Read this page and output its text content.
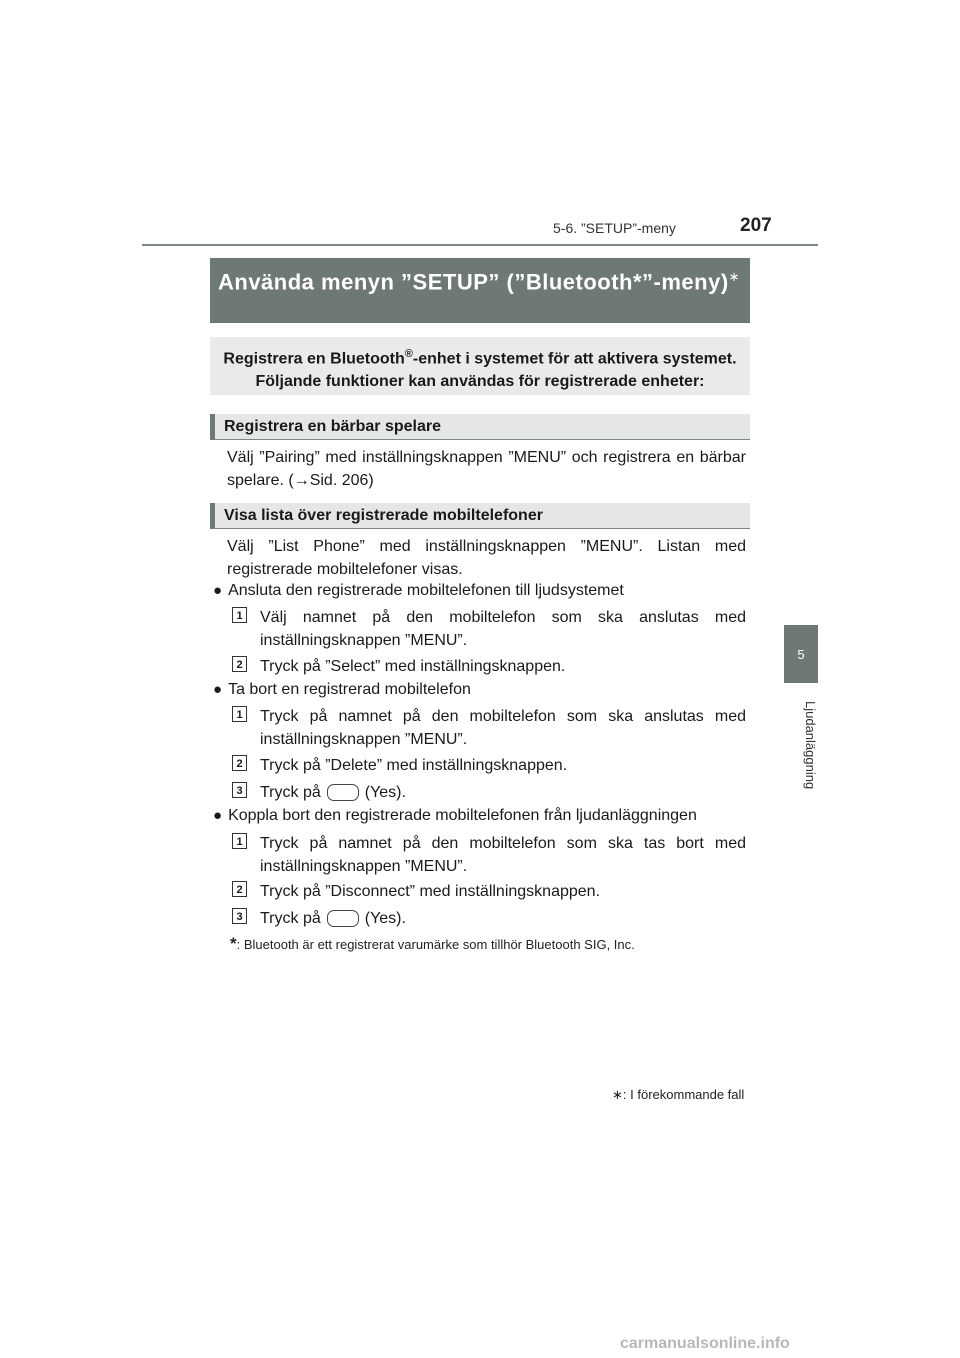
5-6. ”SETUP”-meny	207
5
Ljudanläggning
Använda menyn ”SETUP” (”Bluetooth*”-meny)∗
Registrera en Bluetooth®-enhet i systemet för att aktivera systemet. Följande funktioner kan användas för registrerade enheter:
Registrera en bärbar spelare
Välj ”Pairing” med inställningsknappen ”MENU” och registrera en bärbar spelare. (→Sid. 206)
Visa lista över registrerade mobiltelefoner
Välj ”List Phone” med inställningsknappen ”MENU”. Listan med registrerade mobiltelefoner visas.
● Ansluta den registrerade mobiltelefonen till ljudsystemet
1 Välj namnet på den mobiltelefon som ska anslutas med inställningsknappen ”MENU”.
2 Tryck på ”Select” med inställningsknappen.
● Ta bort en registrerad mobiltelefon
1 Tryck på namnet på den mobiltelefon som ska anslutas med inställningsknappen ”MENU”.
2 Tryck på ”Delete” med inställningsknappen.
3 Tryck på	(Yes).
● Koppla bort den registrerade mobiltelefonen från ljudanläggningen
1 Tryck på namnet på den mobiltelefon som ska tas bort med inställningsknappen ”MENU”.
2 Tryck på ”Disconnect” med inställningsknappen.
3 Tryck på	(Yes).
*: Bluetooth är ett registrerat varumärke som tillhör Bluetooth SIG, Inc.
∗: I förekommande fall
carmanualsonline.info
